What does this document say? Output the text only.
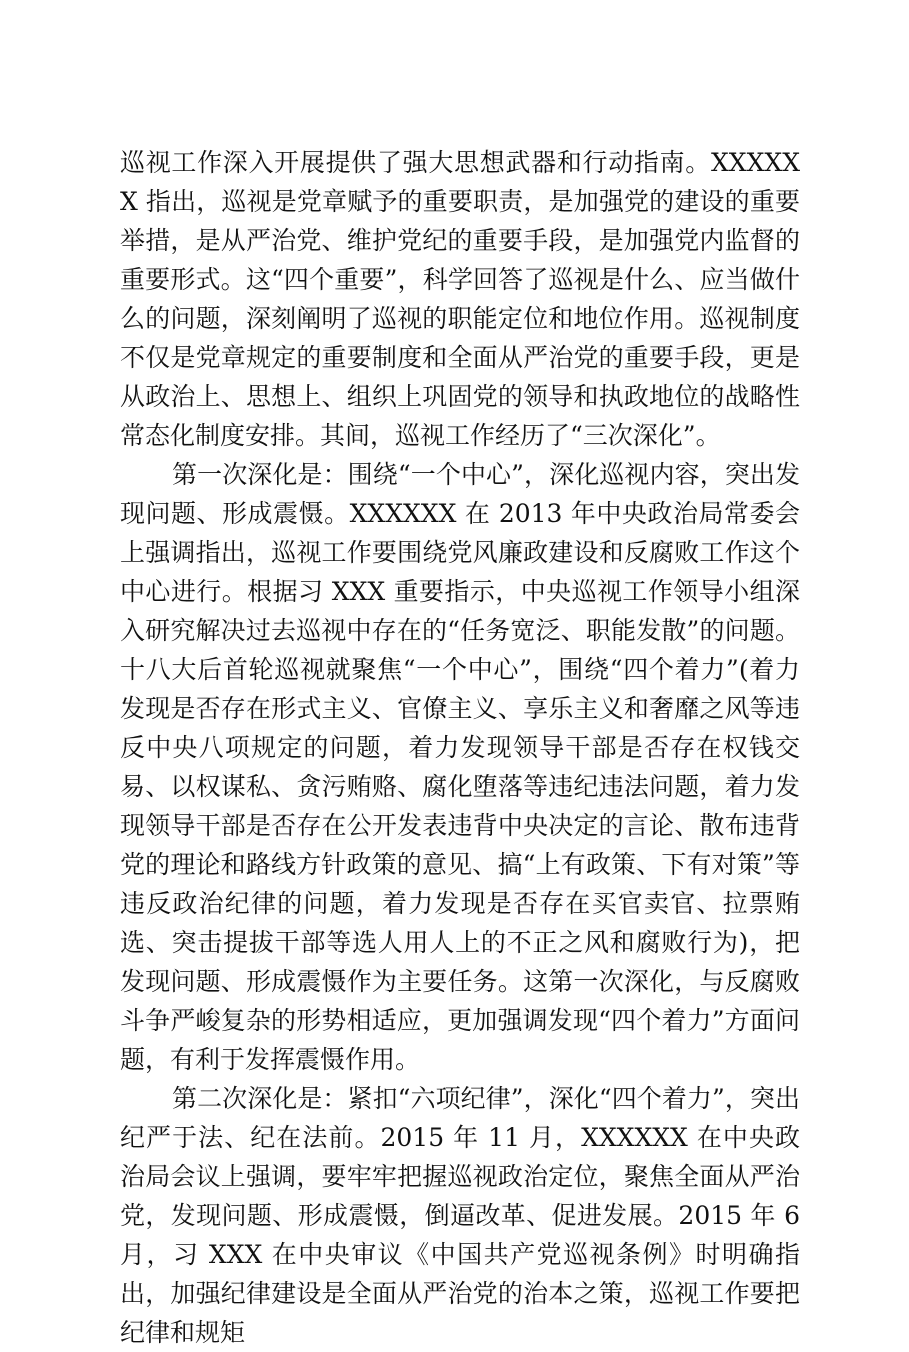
巡视工作深入开展提供了强大思想武器和行动指南。XXXXXX 指出，巡视是党章赋予的重要职责，是加强党的建设的重要举措，是从严治党、维护党纪的重要手段，是加强党内监督的重要形式。这“四个重要”，科学回答了巡视是什么、应当做什么的问题，深刻阐明了巡视的职能定位和地位作用。巡视制度不仅是党章规定的重要制度和全面从严治党的重要手段，更是从政治上、思想上、组织上巩固党的领导和执政地位的战略性常态化制度安排。其间，巡视工作经历了“三次深化”。

第一次深化是：围绕“一个中心”，深化巡视内容，突出发现问题、形成震慑。XXXXXX 在 2013 年中央政治局常委会上强调指出，巡视工作要围绕党风廉政建设和反腐败工作这个中心进行。根据习 XXX 重要指示，中央巡视工作领导小组深入研究解决过去巡视中存在的“任务宽泛、职能发散”的问题。十八大后首轮巡视就聚焦“一个中心”，围绕“四个着力”(着力发现是否存在形式主义、官僚主义、享乐主义和奢靡之风等违反中央八项规定的问题，着力发现领导干部是否存在权钱交易、以权谋私、贪污贿赂、腐化堕落等违纪违法问题，着力发现领导干部是否存在公开发表违背中央决定的言论、散布违背党的理论和路线方针政策的意见、搞“上有政策、下有对策”等违反政治纪律的问题，着力发现是否存在买官卖官、拉票贿选、突击提拔干部等选人用人上的不正之风和腐败行为)，把发现问题、形成震慑作为主要任务。这第一次深化，与反腐败斗争严峻复杂的形势相适应，更加强调发现“四个着力”方面问题，有利于发挥震慑作用。

第二次深化是：紧扣“六项纪律”，深化“四个着力”，突出纪严于法、纪在法前。2015 年 11 月，XXXXXX 在中央政治局会议上强调，要牢牢把握巡视政治定位，聚焦全面从严治党，发现问题、形成震慑，倒逼改革、促进发展。2015 年 6 月，习 XXX 在中央审议《中国共产党巡视条例》时明确指出，加强纪律建设是全面从严治党的治本之策，巡视工作要把纪律和规矩
